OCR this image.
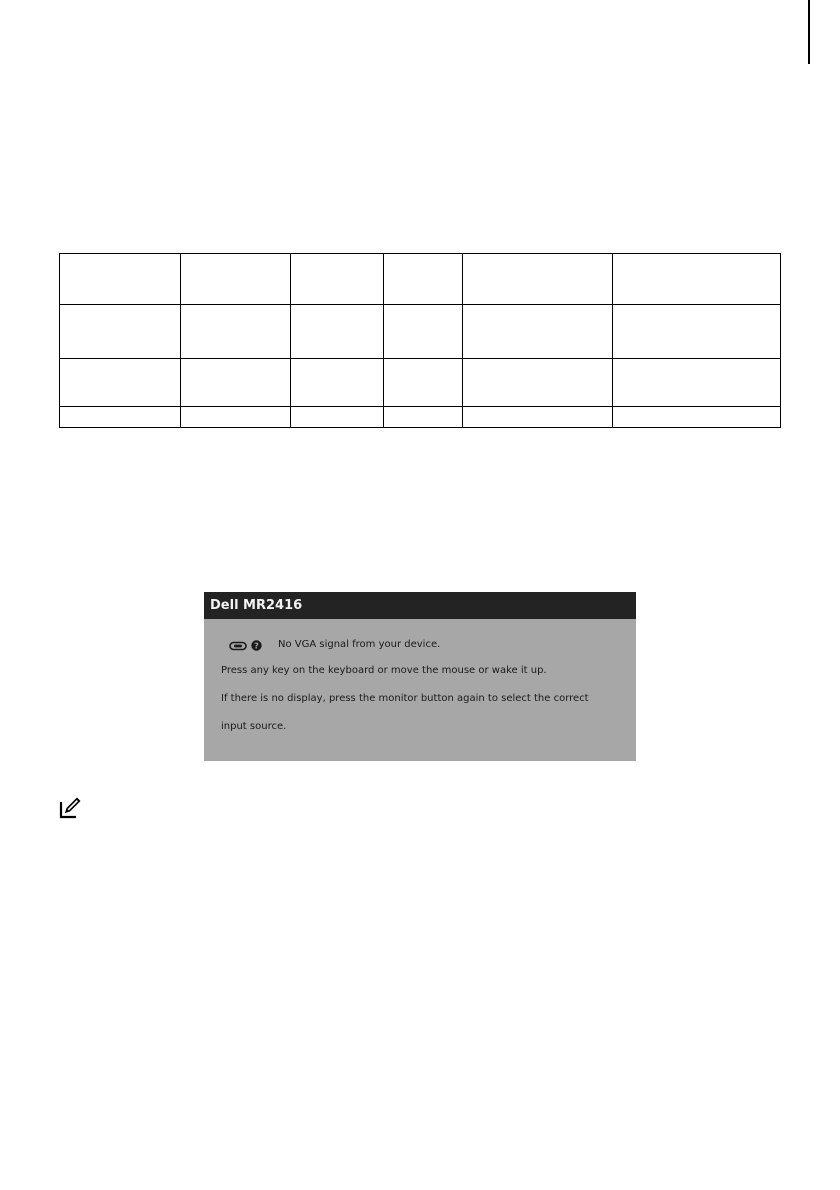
Dell MR2416
? No VGA signal from your device.
Press any key on the keyboard or move the mouse or wake it up.
If there is no display, press the monitor button again to select the correct
input source.
